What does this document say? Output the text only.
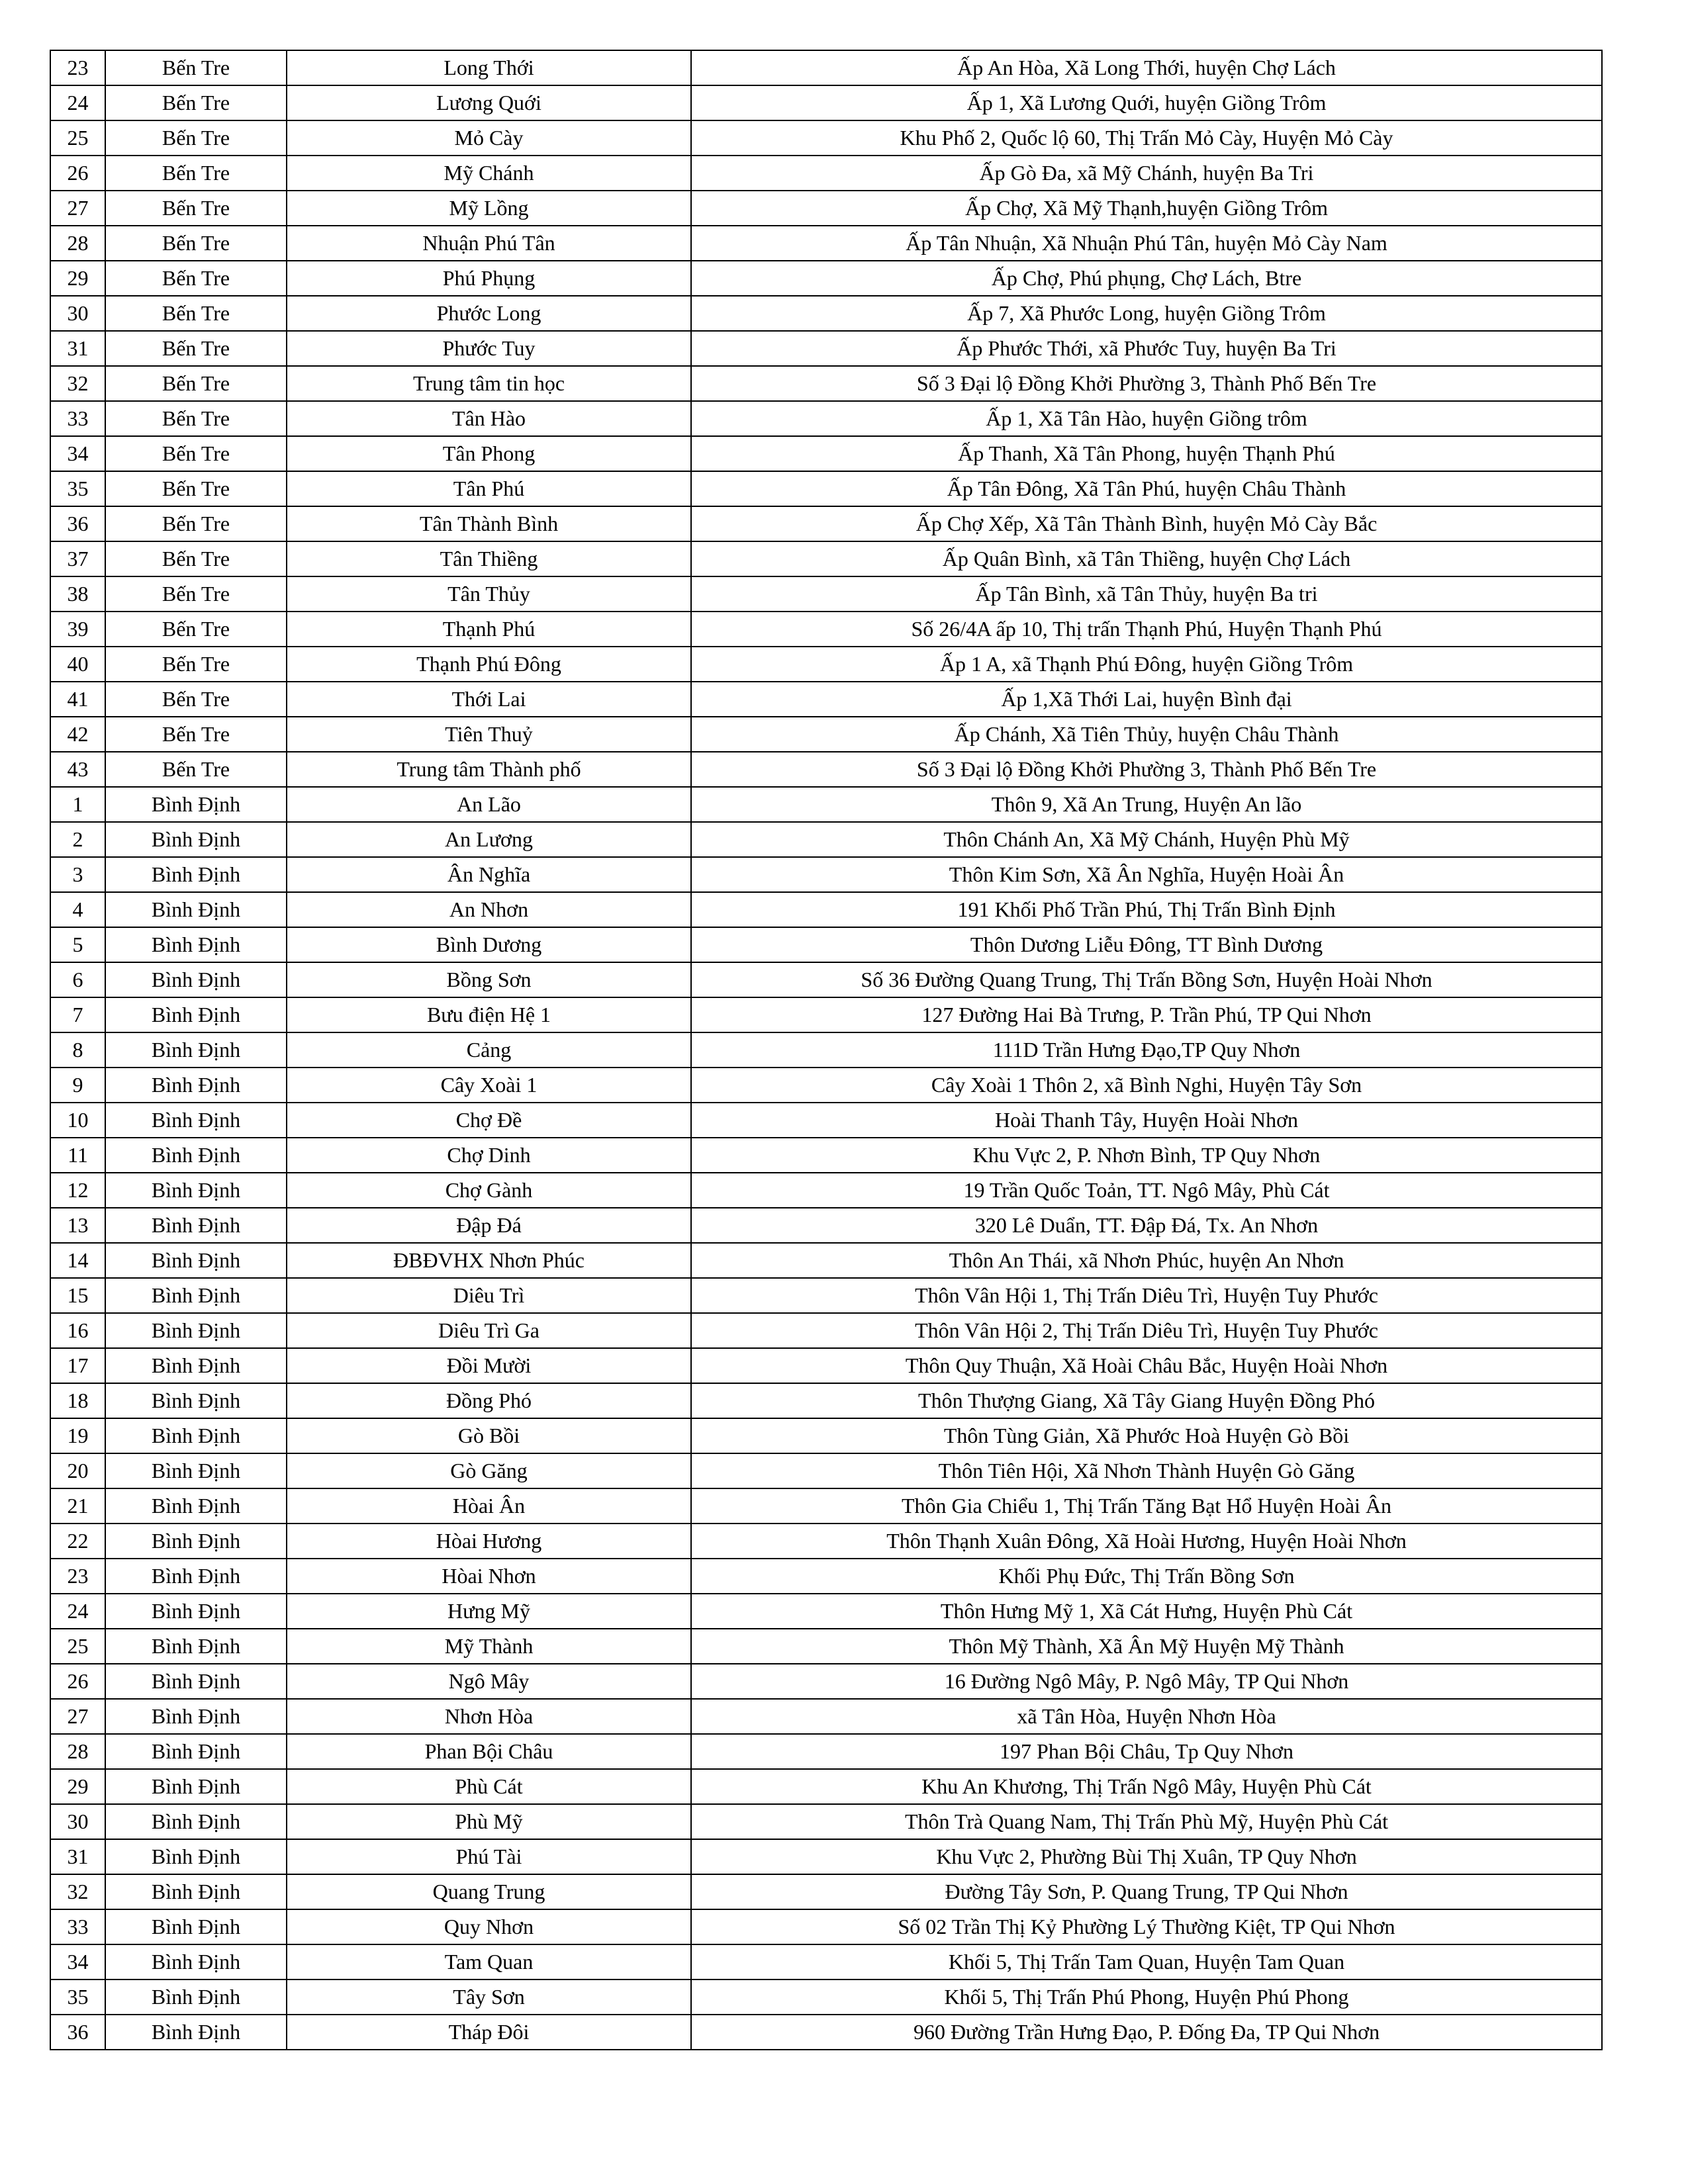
23	Bến Tre	Long Thới	Ấp An Hòa, Xã Long Thới, huyện Chợ Lách
24	Bến Tre	Lương Quới	Ấp 1, Xã Lương Quới, huyện Giồng Trôm
25	Bến Tre	Mỏ Cày	Khu Phố 2, Quốc lộ 60, Thị Trấn Mỏ Cày, Huyện Mỏ Cày
26	Bến Tre	Mỹ Chánh	Ấp Gò Đa, xã Mỹ Chánh, huyện Ba Tri
27	Bến Tre	Mỹ Lồng	Ấp Chợ, Xã Mỹ Thạnh,huyện Giồng Trôm
28	Bến Tre	Nhuận Phú Tân	Ấp Tân Nhuận, Xã Nhuận Phú Tân, huyện Mỏ Cày Nam
29	Bến Tre	Phú Phụng	Ấp Chợ, Phú phụng, Chợ Lách, Btre
30	Bến Tre	Phước Long	Ấp 7, Xã Phước Long, huyện Giồng Trôm
31	Bến Tre	Phước Tuy	Ấp Phước Thới, xã Phước Tuy, huyện Ba Tri
32	Bến Tre	Trung tâm tin học	Số 3 Đại lộ Đồng Khởi Phường 3, Thành Phố Bến Tre
33	Bến Tre	Tân Hào	Ấp 1, Xã Tân Hào, huyện Giồng trôm
34	Bến Tre	Tân Phong	Ấp Thanh, Xã Tân Phong, huyện Thạnh Phú
35	Bến Tre	Tân Phú	Ấp Tân Đông, Xã Tân Phú, huyện Châu Thành
36	Bến Tre	Tân Thành Bình	Ấp Chợ Xếp, Xã Tân Thành Bình, huyện Mỏ Cày Bắc
37	Bến Tre	Tân Thiềng	Ấp Quân Bình, xã Tân Thiềng, huyện Chợ Lách
38	Bến Tre	Tân Thủy	Ấp Tân Bình, xã Tân Thủy, huyện Ba tri
39	Bến Tre	Thạnh Phú	Số 26/4A ấp 10, Thị trấn Thạnh Phú, Huyện Thạnh Phú
40	Bến Tre	Thạnh Phú Đông	Ấp 1 A, xã Thạnh Phú Đông, huyện Giồng Trôm
41	Bến Tre	Thới Lai	Ấp 1,Xã Thới Lai, huyện Bình đại
42	Bến Tre	Tiên Thuỷ	Ấp Chánh, Xã Tiên Thủy, huyện Châu Thành
43	Bến Tre	Trung tâm Thành phố	Số 3 Đại lộ Đồng Khởi Phường 3, Thành Phố Bến Tre
1	Bình Định	An Lão	Thôn 9, Xã An Trung, Huyện An lão
2	Bình Định	An Lương	Thôn Chánh An, Xã Mỹ Chánh, Huyện Phù Mỹ
3	Bình Định	Ân Nghĩa	Thôn Kim Sơn, Xã Ân Nghĩa, Huyện Hoài Ân
4	Bình Định	An Nhơn	191 Khối Phố Trần Phú, Thị Trấn Bình Định
5	Bình Định	Bình Dương	Thôn Dương Liễu Đông, TT Bình Dương
6	Bình Định	Bồng Sơn	Số 36 Đường Quang Trung, Thị Trấn Bồng Sơn, Huyện Hoài Nhơn
7	Bình Định	Bưu điện Hệ 1	127 Đường Hai Bà Trưng, P. Trần Phú, TP Qui Nhơn
8	Bình Định	Cảng	111D Trần Hưng Đạo,TP Quy Nhơn
9	Bình Định	Cây Xoài 1	Cây Xoài 1 Thôn 2, xã Bình Nghi, Huyện Tây Sơn
10	Bình Định	Chợ Đề	Hoài Thanh Tây, Huyện Hoài Nhơn
11	Bình Định	Chợ Dinh	Khu Vực 2, P. Nhơn Bình, TP Quy Nhơn
12	Bình Định	Chợ Gành	19 Trần Quốc Toản, TT. Ngô Mây, Phù Cát
13	Bình Định	Đập Đá	320 Lê Duẩn, TT. Đập Đá, Tx. An Nhơn
14	Bình Định	ĐBĐVHX Nhơn Phúc	Thôn An Thái, xã Nhơn Phúc, huyện An Nhơn
15	Bình Định	Diêu Trì	Thôn Vân Hội 1, Thị Trấn Diêu Trì, Huyện Tuy Phước
16	Bình Định	Diêu Trì Ga	Thôn Vân Hội 2, Thị Trấn Diêu Trì, Huyện Tuy Phước
17	Bình Định	Đồi Mười	Thôn Quy Thuận, Xã Hoài Châu Bắc, Huyện Hoài Nhơn
18	Bình Định	Đồng Phó	Thôn Thượng Giang, Xã Tây Giang Huyện Đồng Phó
19	Bình Định	Gò Bồi	Thôn Tùng Giản, Xã Phước Hoà Huyện Gò Bồi
20	Bình Định	Gò Găng	Thôn Tiên Hội, Xã Nhơn Thành Huyện Gò Găng
21	Bình Định	Hòai Ân	Thôn Gia Chiểu 1, Thị Trấn Tăng Bạt Hổ Huyện Hoài Ân
22	Bình Định	Hòai Hương	Thôn Thạnh Xuân Đông, Xã Hoài Hương, Huyện Hoài Nhơn
23	Bình Định	Hòai Nhơn	Khối Phụ Đức, Thị Trấn Bồng Sơn
24	Bình Định	Hưng Mỹ	Thôn Hưng Mỹ 1, Xã Cát Hưng, Huyện Phù Cát
25	Bình Định	Mỹ Thành	Thôn Mỹ Thành, Xã Ân Mỹ Huyện Mỹ Thành
26	Bình Định	Ngô Mây	16 Đường Ngô Mây, P. Ngô Mây, TP Qui Nhơn
27	Bình Định	Nhơn Hòa	xã Tân Hòa, Huyện Nhơn Hòa
28	Bình Định	Phan Bội Châu	197 Phan Bội Châu, Tp Quy Nhơn
29	Bình Định	Phù Cát	Khu An Khương, Thị Trấn Ngô Mây, Huyện Phù Cát
30	Bình Định	Phù Mỹ	Thôn Trà Quang Nam, Thị Trấn Phù Mỹ, Huyện Phù Cát
31	Bình Định	Phú Tài	Khu Vực 2, Phường Bùi Thị Xuân, TP Quy Nhơn
32	Bình Định	Quang Trung	Đường Tây Sơn, P. Quang Trung, TP Qui Nhơn
33	Bình Định	Quy Nhơn	Số 02 Trần Thị Kỷ Phường Lý Thường Kiệt, TP Qui Nhơn
34	Bình Định	Tam Quan	Khối 5, Thị Trấn Tam Quan, Huyện Tam Quan
35	Bình Định	Tây Sơn	Khối 5, Thị Trấn Phú Phong, Huyện Phú Phong
36	Bình Định	Tháp Đôi	960 Đường Trần Hưng Đạo, P. Đống Đa, TP Qui Nhơn
